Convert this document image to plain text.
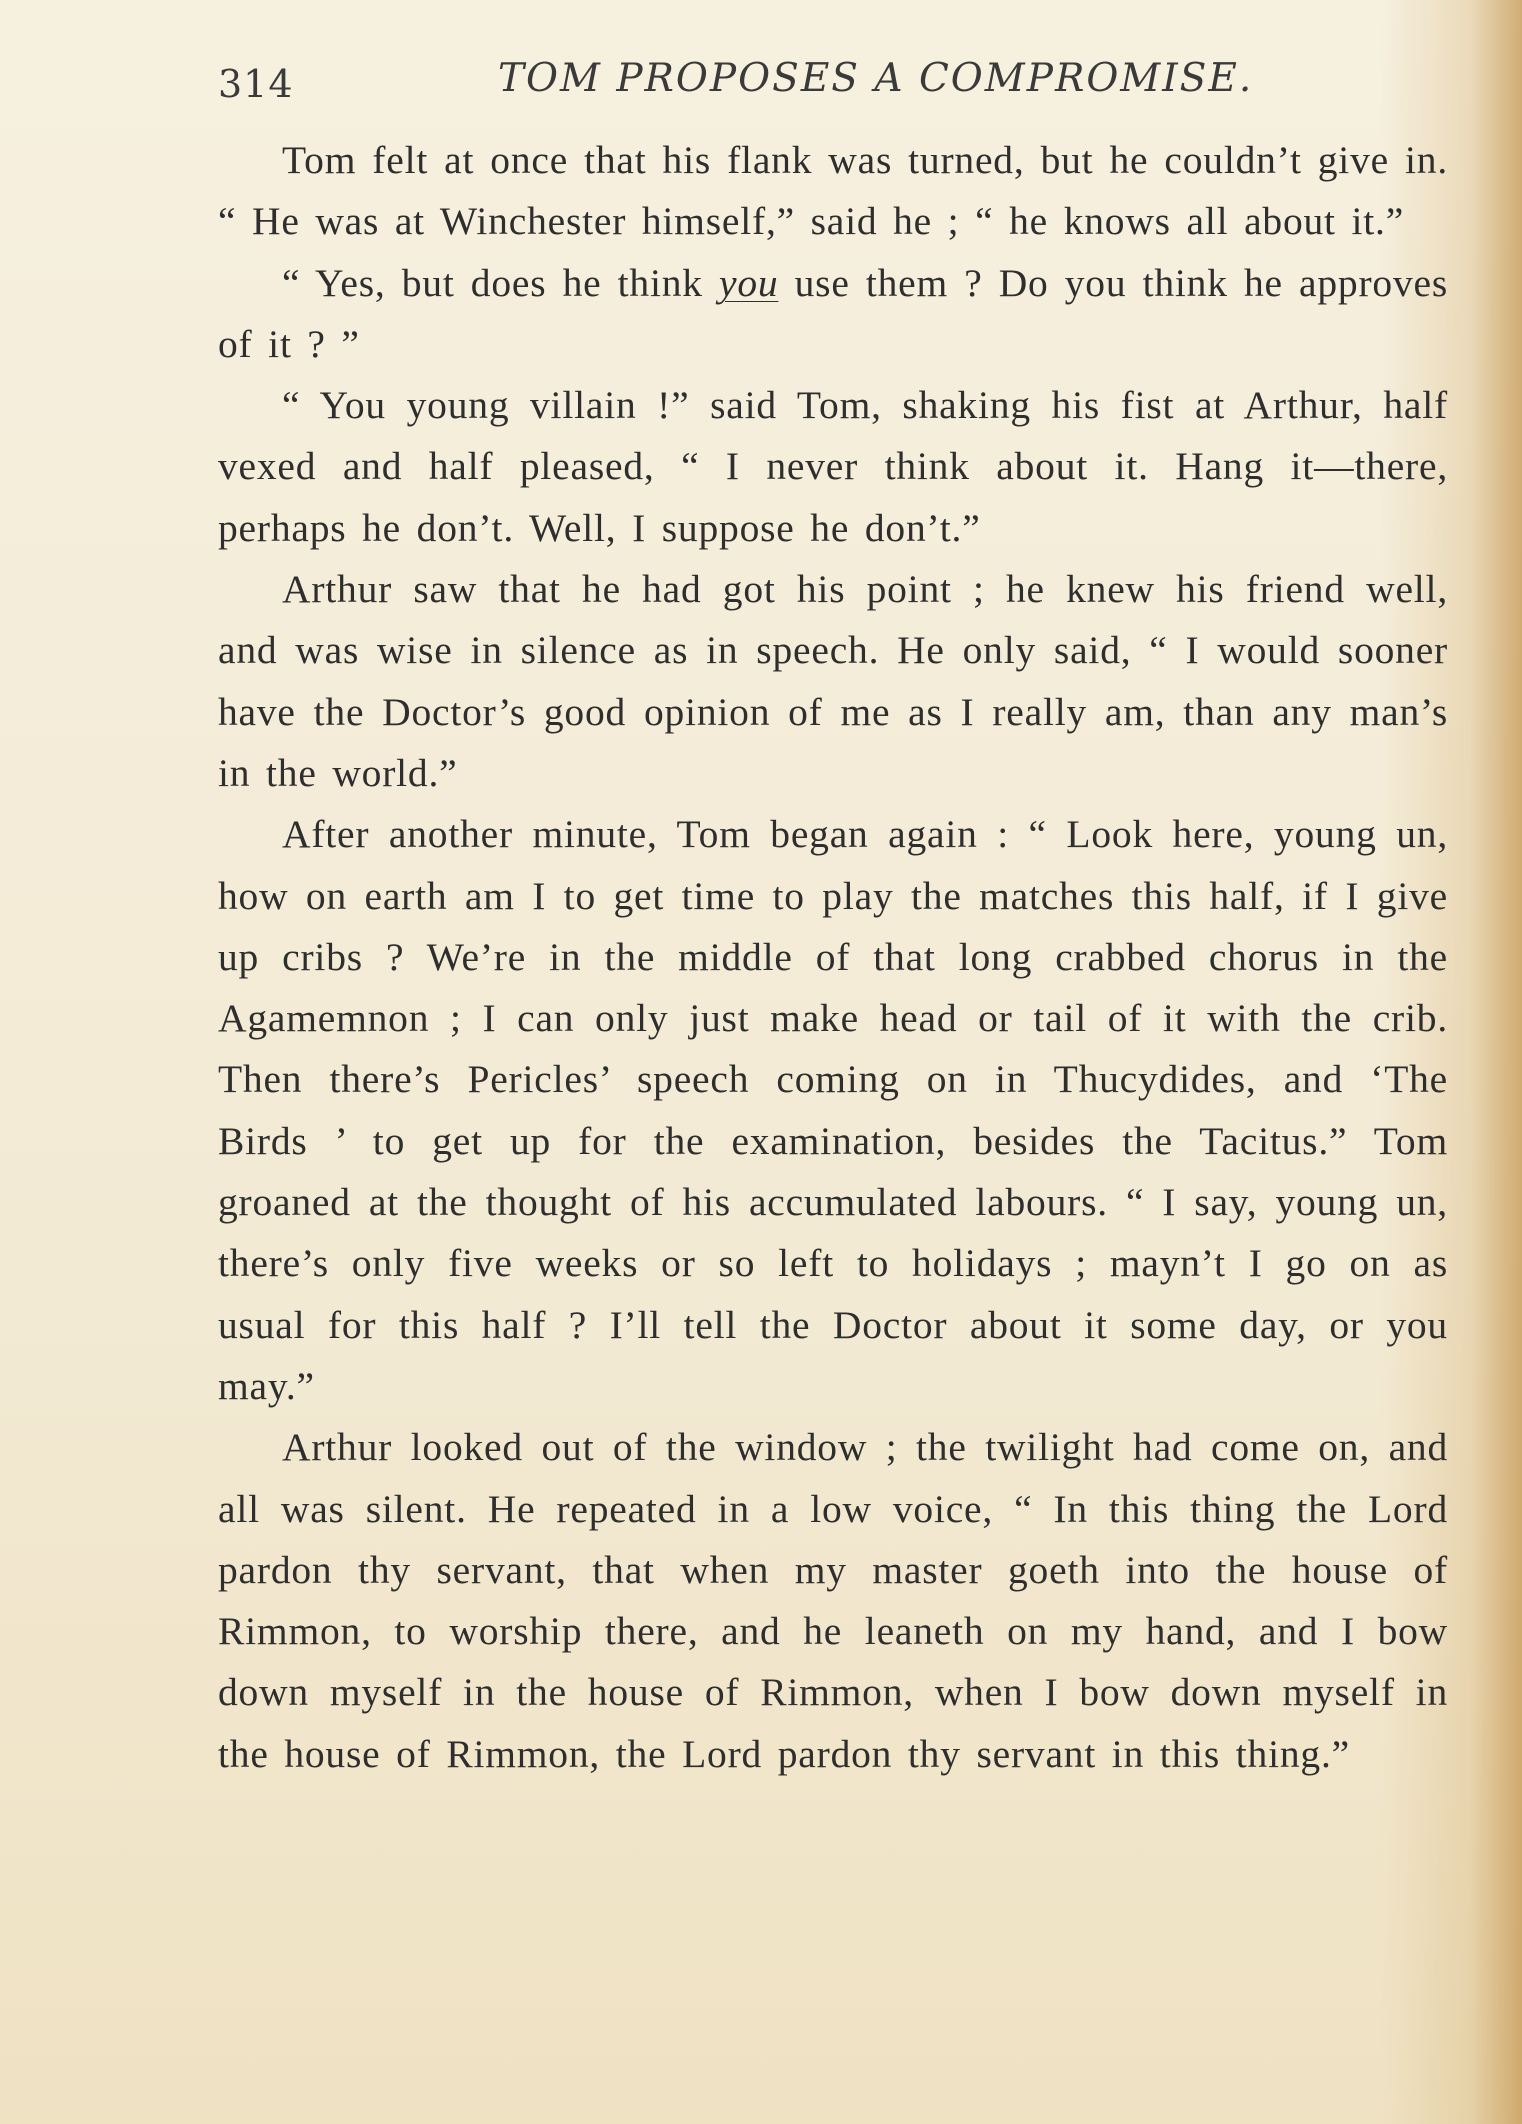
314	TOM PROPOSES A COMPROMISE.

Tom felt at once that his flank was turned, but he couldn’t give in. “ He was at Winchester himself,” said he ; “ he knows all about it.”

“ Yes, but does he think you use them ? Do you think he approves of it ? ”

“ You young villain !” said Tom, shaking his fist at Arthur, half vexed and half pleased, “ I never think about it. Hang it—there, perhaps he don’t. Well, I suppose he don’t.”

Arthur saw that he had got his point ; he knew his friend well, and was wise in silence as in speech. He only said, “ I would sooner have the Doctor’s good opinion of me as I really am, than any man’s in the world.”

After another minute, Tom began again : “ Look here, young un, how on earth am I to get time to play the matches this half, if I give up cribs ? We’re in the middle of that long crabbed chorus in the Agamemnon ; I can only just make head or tail of it with the crib. Then there’s Pericles’ speech coming on in Thucydides, and ‘The Birds ’ to get up for the examination, besides the Tacitus.” Tom groaned at the thought of his accumulated labours. “ I say, young un, there’s only five weeks or so left to holidays ; mayn’t I go on as usual for this half ? I’ll tell the Doctor about it some day, or you may.”

Arthur looked out of the window ; the twilight had come on, and all was silent. He repeated in a low voice, “ In this thing the Lord pardon thy servant, that when my master goeth into the house of Rimmon, to worship there, and he leaneth on my hand, and I bow down myself in the house of Rimmon, when I bow down myself in the house of Rimmon, the Lord pardon thy servant in this thing.”
